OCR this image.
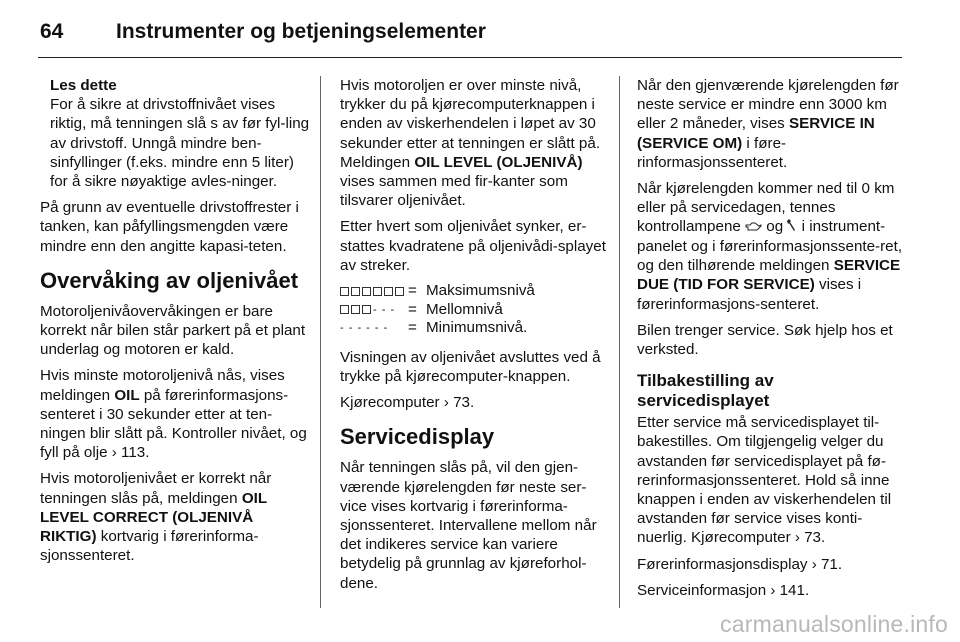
64	Instrumenter og betjeningselementer
Les dette
For å sikre at drivstoffnivået vises riktig, må tenningen slå s av før fyl-ling av drivstoff. Unngå mindre ben-sinfyllinger (f.eks. mindre enn 5 liter) for å sikre nøyaktige avles-ninger.

På grunn av eventuelle drivstoffrester i tanken, kan påfyllingsmengden være mindre enn den angitte kapasi-teten.

Overvåking av oljenivået

Motoroljenivåovervåkingen er bare korrekt når bilen står parkert på et plant underlag og motoren er kald.

Hvis minste motoroljenivå nås, vises meldingen OIL på førerinformasjons-senteret i 30 sekunder etter at ten-ningen blir slått på. Kontroller nivået, og fyll på olje › 113.

Hvis motoroljenivået er korrekt når tenningen slås på, meldingen OIL LEVEL CORRECT (OLJENIVÅ RIKTIG) kortvarig i førerinforma-sjonssenteret.

Hvis motoroljen er over minste nivå, trykker du på kjørecomputerknappen i enden av viskerhendelen i løpet av 30 sekunder etter at tenningen er slått på. Meldingen OIL LEVEL (OLJENIVÅ) vises sammen med fir-kanter som tilsvarer oljenivået.

Etter hvert som oljenivået synker, er-stattes kvadratene på oljenivådi-splayet av streker.

= Maksimumsnivå
- - - = Mellomnivå
- - - - - -	= Minimumsnivå.

Visningen av oljenivået avsluttes ved å trykke på kjørecomputer-knappen.

Kjørecomputer › 73.

Servicedisplay

Når tenningen slås på, vil den gjen-værende kjørelengden før neste ser-vice vises kortvarig i førerinforma-sjonssenteret. Intervallene mellom når det indikeres service kan variere betydelig på grunnlag av kjøreforhol-dene.

Når den gjenværende kjørelengden før neste service er mindre enn 3000 km eller 2 måneder, vises SERVICE IN (SERVICE OM) i føre-rinformasjonssenteret.

Når kjørelengden kommer ned til 0 km eller på servicedagen, tennes kontrollampene  og  i instrument-panelet og i førerinformasjonssente-ret, og den tilhørende meldingen SERVICE DUE (TID FOR SERVICE) vises i førerinformasjons-senteret.

Bilen trenger service. Søk hjelp hos et verksted.

Tilbakestilling av servicedisplayet

Etter service må servicedisplayet til-bakestilles. Om tilgjengelig velger du avstanden før servicedisplayet på fø-rerinformasjonssenteret. Hold så inne knappen i enden av viskerhendelen til avstanden før service vises konti-nuerlig. Kjørecomputer › 73.

Førerinformasjonsdisplay › 71.

Serviceinformasjon › 141.

carmanualsonline.info
